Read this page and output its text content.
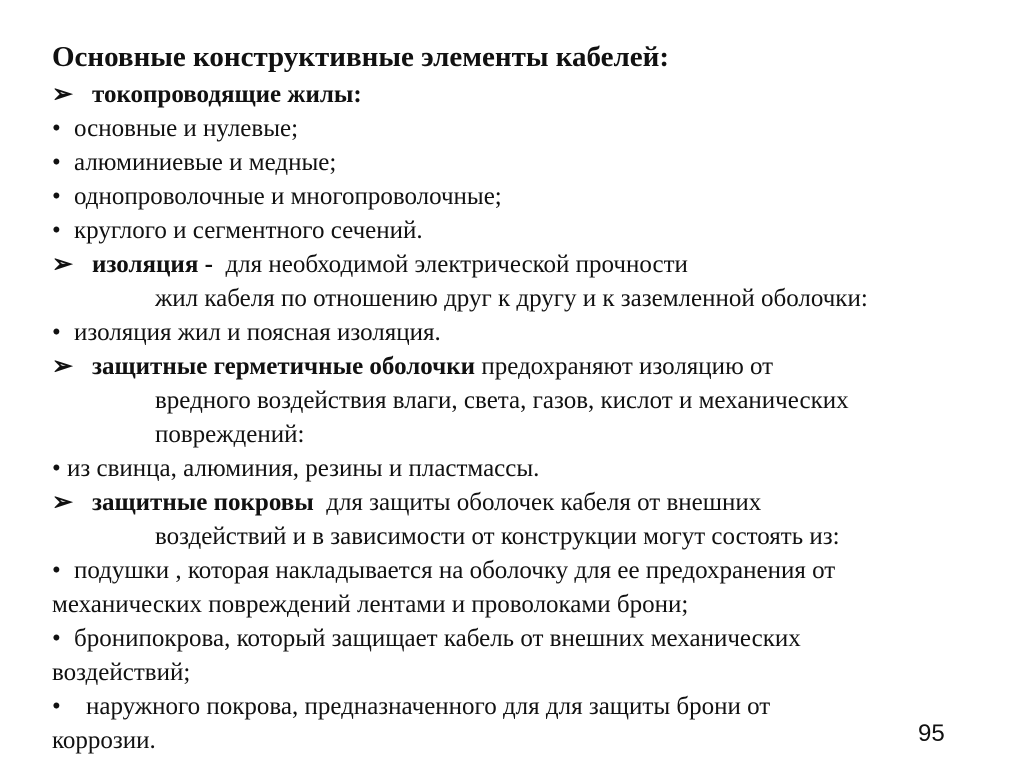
Основные конструктивные элементы кабелей:
➢ токопроводящие жилы:
• основные и нулевые;
• алюминиевые и медные;
• однопроволочные и многопроволочные;
• круглого и сегментного сечений.
➢ изоляция - для необходимой электрической прочности
жил кабеля по отношению друг к другу и к заземленной оболочки:
• изоляция жил и поясная изоляция.
➢ защитные герметичные оболочки предохраняют изоляцию от
вредного воздействия влаги, света, газов, кислот и механических
повреждений:
• из свинца, алюминия, резины и пластмассы.
➢ защитные покровы для защиты оболочек кабеля от внешних
воздействий и в зависимости от конструкции могут состоять из:
• подушки , которая накладывается на оболочку для ее предохранения от
механических повреждений лентами и проволоками брони;
• бронипокрова, который защищает кабель от внешних механических
воздействий;
• наружного покрова, предназначенного для для защиты брони от
коррозии.	95
